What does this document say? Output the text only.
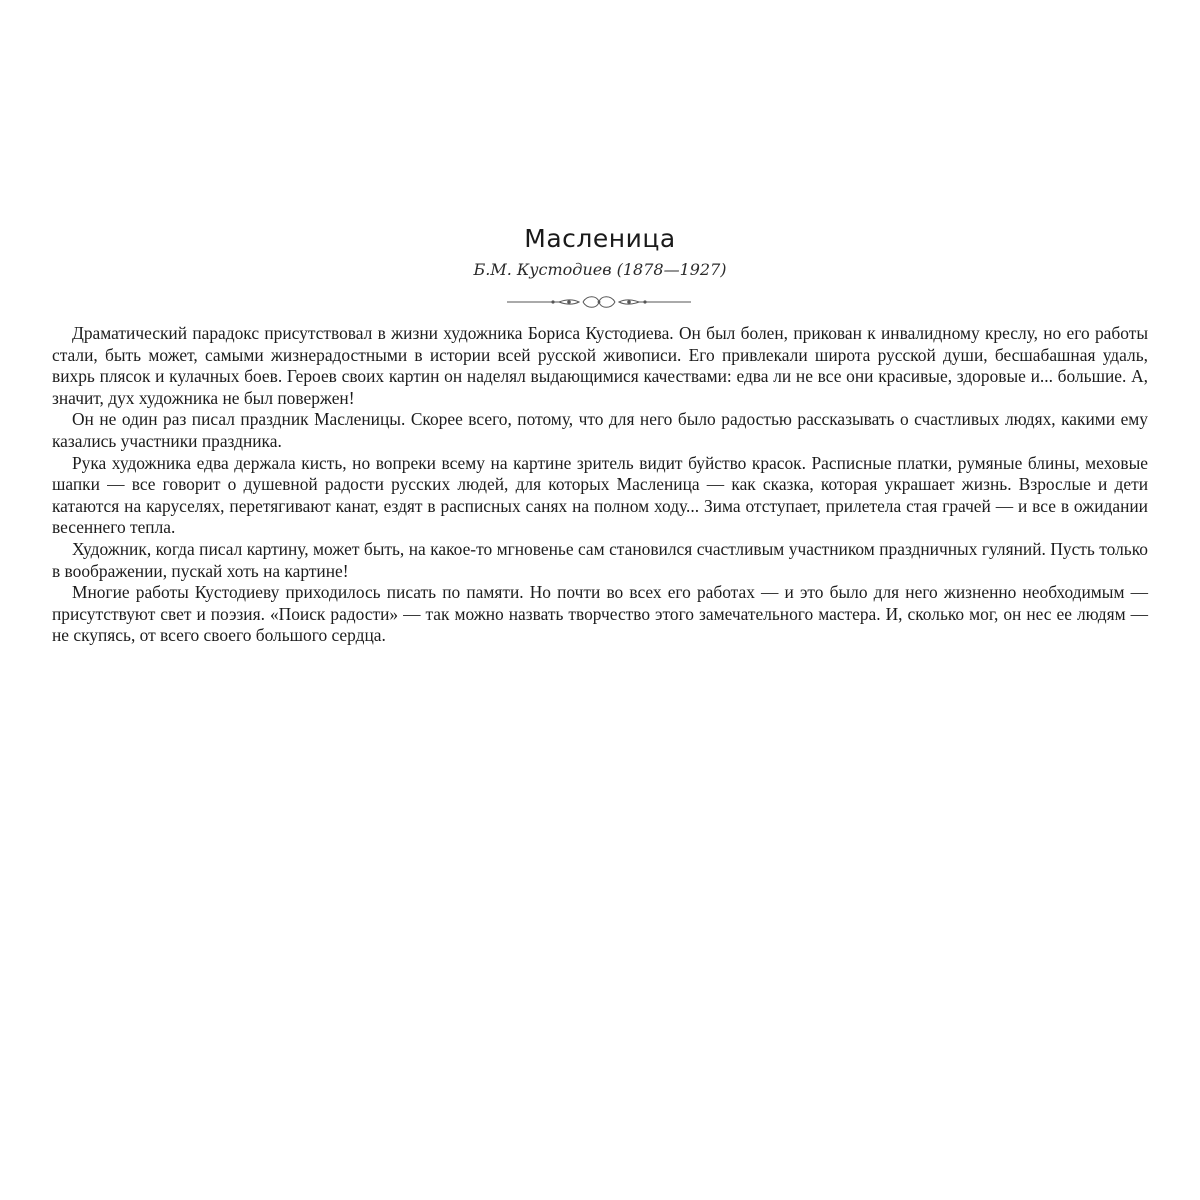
Масленица
Б.М. Кустодиев (1878—1927)

Драматический парадокс присутствовал в жизни художника Бориса Кустодиева. Он был болен, прикован к инвалидному креслу, но его работы стали, быть может, самыми жизнерадостными в истории всей русской живописи. Его привлекали широта русской души, бесшабашная удаль, вихрь плясок и кулачных боев. Героев своих картин он наделял выдающимися качествами: едва ли не все они красивые, здоровые и... большие. А, значит, дух художника не был повержен!

Он не один раз писал праздник Масленицы. Скорее всего, потому, что для него было радостью рассказывать о счастливых людях, какими ему казались участники праздника.

Рука художника едва держала кисть, но вопреки всему на картине зритель видит буйство красок. Расписные платки, румяные блины, меховые шапки — все говорит о душевной радости русских людей, для которых Масленица — как сказка, которая украшает жизнь. Взрослые и дети катаются на каруселях, перетягивают канат, ездят в расписных санях на полном ходу... Зима отступает, прилетела стая грачей — и все в ожидании весеннего тепла.

Художник, когда писал картину, может быть, на какое-то мгновенье сам становился счастливым участником праздничных гуляний. Пусть только в воображении, пускай хоть на картине!

Многие работы Кустодиеву приходилось писать по памяти. Но почти во всех его работах — и это было для него жизненно необходимым — присутствуют свет и поэзия. «Поиск радости» — так можно назвать творчество этого замечательного мастера. И, сколько мог, он нес ее людям — не скупясь, от всего своего большого сердца.
